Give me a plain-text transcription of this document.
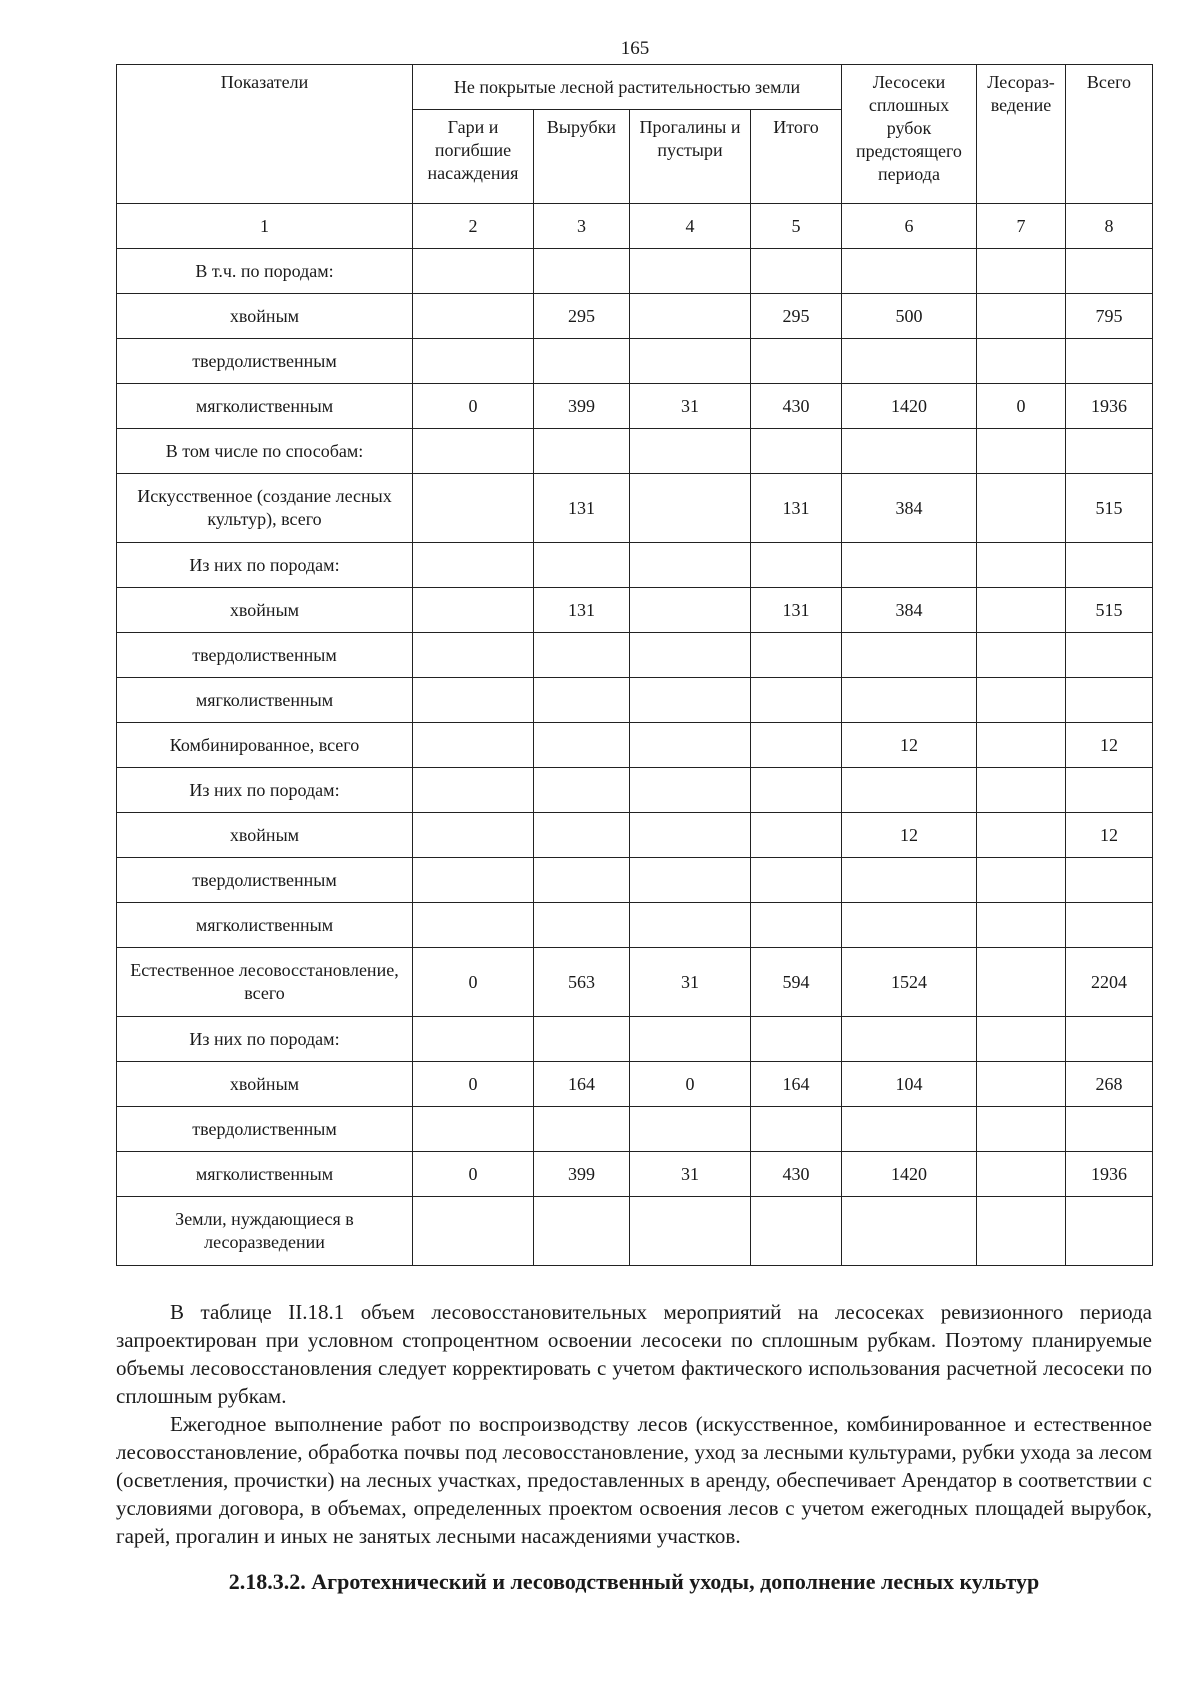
165
Показатели	Не покрытые лесной растительностью земли				Лесосеки сплошных рубок предстоящего периода	Лесораз- ведение	Всего
	Гари и погибшие насаждения	Вырубки	Прогалины и пустыри	Итого			
1	2	3	4	5	6	7	8
В т.ч. по породам:							
хвойным		295		295	500		795
твердолиственным							
мягколиственным	0	399	31	430	1420	0	1936
В том числе по способам:							
Искусственное (создание лесных культур), всего		131		131	384		515
Из них по породам:							
хвойным		131		131	384		515
твердолиственным							
мягколиственным							
Комбинированное, всего					12		12
Из них по породам:							
хвойным					12		12
твердолиственным							
мягколиственным							
Естественное лесовосстановление, всего	0	563	31	594	1524		2204
Из них по породам:							
хвойным	0	164	0	164	104		268
твердолиственным							
мягколиственным	0	399	31	430	1420		1936
Земли, нуждающиеся в лесоразведении							

В таблице II.18.1 объем лесовосстановительных мероприятий на лесосеках ревизионного периода запроектирован при условном стопроцентном освоении лесосеки по сплошным рубкам. Поэтому планируемые объемы лесовосстановления следует корректировать с учетом фактического использования расчетной лесосеки по сплошным рубкам.

Ежегодное выполнение работ по воспроизводству лесов (искусственное, комбинированное и естественное лесовосстановление, обработка почвы под лесовосстановление, уход за лесными культурами, рубки ухода за лесом (осветления, прочистки) на лесных участках, предоставленных в аренду, обеспечивает Арендатор в соответствии с условиями договора, в объемах, определенных проектом освоения лесов с учетом ежегодных площадей вырубок, гарей, прогалин и иных не занятых лесными насаждениями участков.

2.18.3.2. Агротехнический и лесоводственный уходы, дополнение лесных культур
